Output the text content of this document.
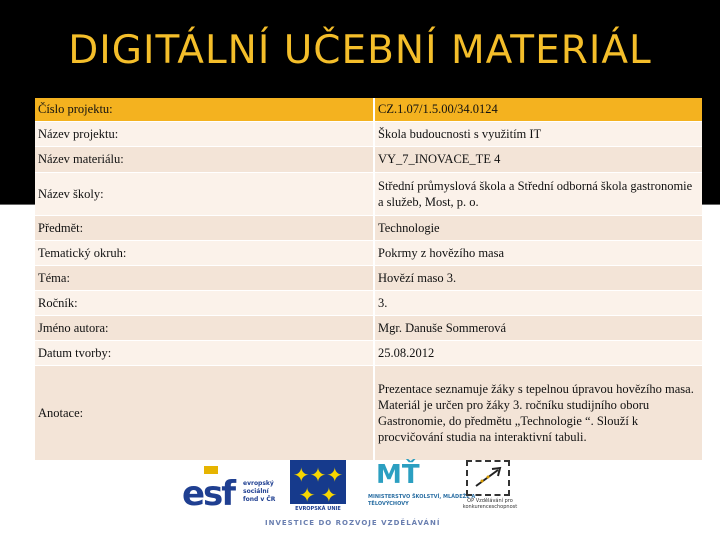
DIGITÁLNÍ UČEBNÍ MATERIÁL
Číslo projektu:	CZ.1.07/1.5.00/34.0124
Název projektu:	Škola budoucnosti s využitím IT
Název materiálu:	VY_7_INOVACE_TE 4
Název školy:	Střední průmyslová škola a Střední odborná škola gastronomie a služeb, Most, p. o.
Předmět:	Technologie
Tematický okruh:	Pokrmy z hovězího masa
Téma:	Hovězí maso 3.
Ročník:	3.
Jméno autora:	Mgr. Danuše Sommerová
Datum tvorby:	25.08.2012
Anotace:	Prezentace seznamuje žáky s tepelnou úpravou hovězího masa. Materiál je určen pro žáky 3. ročníku studijního oboru Gastronomie, do předmětu „Technologie “. Slouží k procvičování studia na interaktivní tabuli.
esf evropský sociální fond v ČR
✦✦✦
✦ ✦
EVROPSKÁ UNIE
ΜŤ
MINISTERSTVO ŠKOLSTVÍ, MLÁDEŽE A TĚLOVÝCHOVY	OP Vzdělávání pro konkurenceschopnost
INVESTICE DO ROZVOJE VZDĚLÁVÁNÍ
